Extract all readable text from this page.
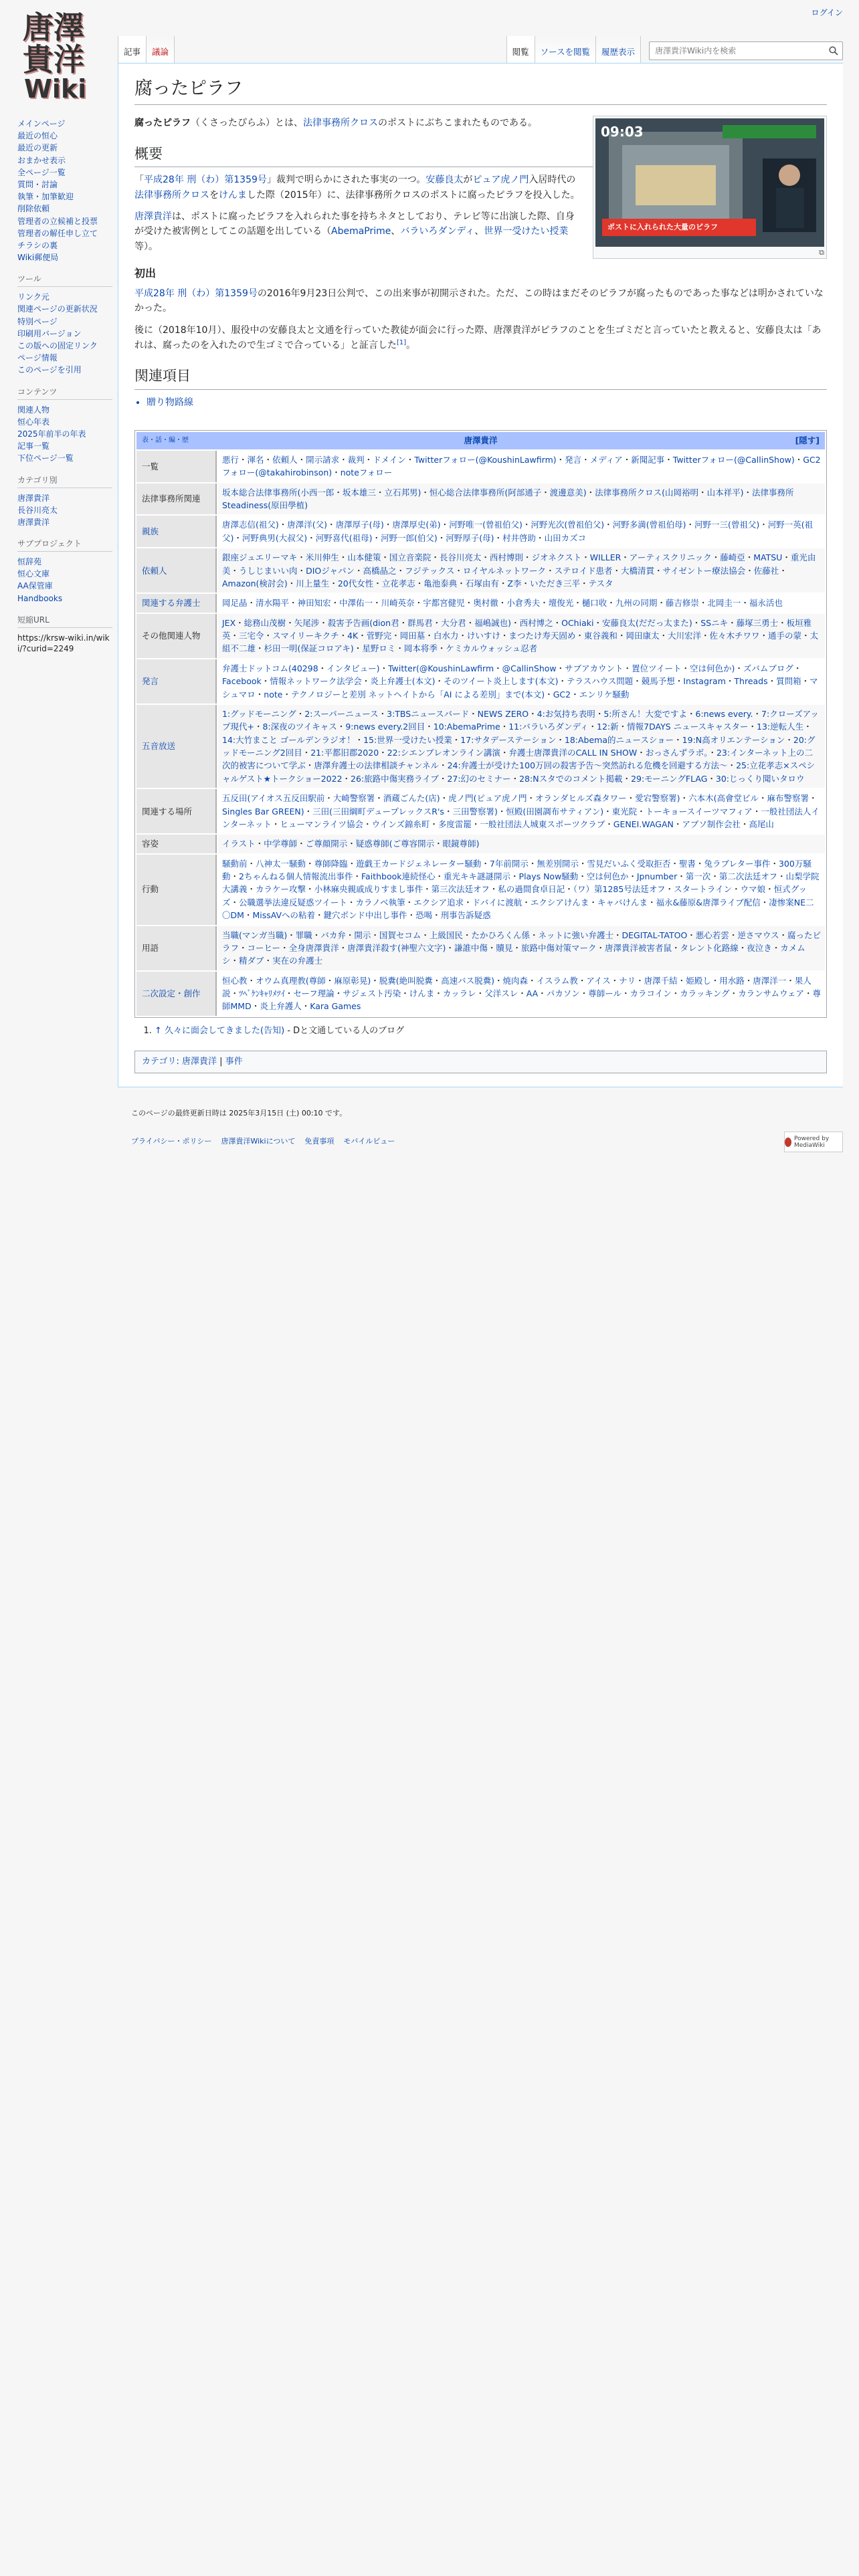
ログイン
唐澤
貴洋
Wiki
記事	議論	閲覧	ソースを閲覧	履歴表示
唐澤貴洋Wiki内を検索
メインページ
最近の恒心
最近の更新
おまかせ表示
全ページ一覧
質問・討論
執筆・加筆歓迎
削除依頼
管理者の立候補と投票
管理者の解任申し立て
チラシの裏
Wiki郵便局
ツール
リンク元
関連ページの更新状況
特別ページ
印刷用バージョン
この版への固定リンク
ページ情報
このページを引用
コンテンツ
関連人物
恒心年表
2025年前半の年表
記事一覧
下位ページ一覧
カテゴリ別
唐澤貴洋
長谷川亮太
唐澤貴洋
サブプロジェクト
恒辞苑
恒心文庫
AA保管庫
Handbooks
短縮URL
https://krsw-wiki.in/wiki/?curid=2249
腐ったピラフ
09:03
ポストに入れられた大量のピラフ
⧉

腐ったピラフ（くさったぴらふ）とは、法律事務所クロスのポストにぶちこまれたものである。

概要

「平成28年 刑（わ）第1359号」裁判で明らかにされた事実の一つ。安藤良太がピュア虎ノ門入居時代の法律事務所クロスをけんました際（2015年）に、法律事務所クロスのポストに腐ったピラフを投入した。

唐澤貴洋は、ポストに腐ったピラフを入れられた事を持ちネタとしており、テレビ等に出演した際、自身が受けた被害例としてこの話題を出している（AbemaPrime、バラいろダンディ、世界一受けたい授業等）。

初出

平成28年 刑（わ）第1359号の2016年9月23日公判で、この出来事が初開示された。ただ、この時はまだそのピラフが腐ったものであった事などは明かされていなかった。

後に（2018年10月）、服役中の安藤良太と文通を行っていた教徒が面会に行った際、唐澤貴洋がピラフのことを生ゴミだと言っていたと教えると、安藤良太は「あれは、腐ったのを入れたので生ゴミで合っている」と証言した[1]。

関連項目
• 贈り物路線
表・話・編・歴 唐澤貴洋 [隠す]	

一覧	悪行・渾名・依頼人・開示請求・裁判・ドメイン・Twitterフォロー(@KoushinLawfirm)・発言・メディア・新聞記事・Twitterフォロー(@CallinShow)・GC2フォロー(@takahirobinson)・noteフォロー
法律事務所関連	坂本総合法律事務所(小西一郎・坂本雄三・立石邦男)・恒心総合法律事務所(阿部通子・渡邊意美)・法律事務所クロス(山岡裕明・山本祥平)・法律事務所Steadiness(原田學植)
親族	唐澤志信(祖父)・唐澤洋(父)・唐澤厚子(母)・唐澤厚史(弟)・河野唯一(曾祖伯父)・河野光次(曾祖伯父)・河野多満(曾祖伯母)・河野一三(曾祖父)・河野一英(祖父)・河野典男(大叔父)・河野喜代(祖母)・河野一郎(伯父)・河野厚子(母)・村井啓助・山田カズコ
依頼人	銀座ジュエリーマキ・米川伸生・山本健策・国立音楽院・長谷川亮太・西村博則・ジオネクスト・WILLER・アーティスクリニック・藤崎亞・MATSU・重光由美・うしじまいい肉・DIOジャパン・高橋晶之・フジテックス・ロイヤルネットワーク・ステロイド患者・大橋清貫・サイゼントー療法協会・佐藤社・Amazon(検討会)・川上量生・20代女性・立花孝志・亀池泰典・石塚由有・Z李・いただき三平・テスタ
関連する弁護士	岡足晶・清水陽平・神田知宏・中澤佑一・川崎英奈・宇都宮健児・奥村徹・小倉秀夫・壇俊光・樋口收・九州の同期・藤吉修崇・北岡圭一・福永活也
その他関連人物	JEX・総務山茂樹・矢尾涉・殺害予告画(dion君・群馬君・大分君・福嶋誠也)・西村博之・OChiaki・安藤良太(だだっ太また)・SSニキ・藤塚三勇士・板垣雅英・三宅令・スマイリーキクチ・4K・菅野完・岡田墓・白水力・けいすけ・まつたけ寿天固め・東谷義和・岡田康太・大川宏洋・佐々木チワワ・通手の蒙・太組不二雄・杉田一明(保証コロアキ)・星野ロミ・岡本将季・ケミカルウォッシュ忍者
発言	弁護士ドットコム(40298・インタビュー)・Twitter(@KoushinLawfirm・@CallinShow・サブアカウント・置位ツイート・空は何色か)・ズバムブログ・Facebook・情報ネットワーク法学会・炎上弁護士(本文)・そのツイート炎上します(本文)・テラスハウス問題・競馬予想・Instagram・Threads・質問箱・マシュマロ・note・テクノロジーと差別 ネットヘイトから「AI による差別」まで(本文)・GC2・エンリケ騒動
五音放送	1:グッドモーニング・2:スーパーニュース・3:TBSニュースバード・NEWS ZERO・4:お気持ち表明・5:所さん！大変ですよ・6:news every.・7:クローズアップ現代+・8:深夜のツイキャス・9:news every.2回目・10:AbemaPrime・11:バラいろダンディ・12:新・情報7DAYS ニュースキャスター・13:逆転人生・14:大竹まこと ゴールデンラジオ！・15:世界一受けたい授業・17:サタデーステーション・18:Abema的ニュースショー・19:N高オリエンテーション・20:グッドモーニング2回目・21:平都旧郡2020・22:シエンブレオンライン講演・弁護士唐澤貴洋のCALL IN SHOW・おっさんずラボ。・23:インターネット上の二次的被害について学ぶ・唐澤弁護士の法律相談チャンネル・24:弁護士が受けた100万回の殺害予告〜突然訪れる危機を回避する方法〜・25:立花孝志×スペシャルゲスト★トークショー2022・26:旅路中傷実務ライブ・27:幻のセミナー・28:Nスタでのコメント掲載・29:モーニングFLAG・30:じっくり聞いタロウ
関連する場所	五反田(アイオス五反田駅前・大崎警察署・酒蔵ごんた(店)・虎ノ門(ピュア虎ノ門・オランダヒルズ森タワー・愛宕警察署)・六本木(高會堂ビル・麻布警察署・Singles Bar GREEN)・三田(三田綱町デュープレックスR's・三田警察署)・恒殿(田園調布サティアン)・東光院・トーキョースイーツマフィア・一般社団法人インターネット・ヒューマンライツ協会・ウインズ錦糸町・多度雷罷・一般社団法人城東スポーツクラブ・GENEI.WAGAN・アブソ制作会社・高尾山
容姿	イラスト・中学尊師・ご尊顔開示・疑惑尊師(ご尊容開示・眼鏡尊師)
行動	騒動前・八神太一騒動・尊師降臨・遊戯王カードジェネレーター騒動・7年前開示・無差別開示・雪見だいふく受取拒否・聖書・兔ラブレター事件・300万騒動・2ちゃんねる個人情報流出事件・Faithbook連続怪心・重光キキ謎謎開示・Plays Now騒動・空は何色か・Jpnumber・第一次・第二次法廷オフ・山梨学院大講義・カラケー攻撃・小林麻央親戚成りすまし事件・第三次法廷オフ・私の過間食卓日記・（ワ）第1285号法廷オフ・スタートライン・ウマ娘・恒式グッズ・公職選挙法違反疑惑ツイート・カラノベ執筆・エクシア追求・ドバイに渡航・エクシアけんま・キャバけんま・福永&藤原&唐澤ライブ配信・凄惨案NE二〇DM・MissAVへの粘着・鍵穴ボンド中出し事件・恐喝・刑事告訴疑惑
用語	当職(マンガ当職)・罪職・バカ弁・開示・国賀セコム・上級国民・たかひろくん係・ネットに強い弁護士・DEGITAL-TATOO・悪心若雲・逆さマウス・腐ったピラフ・コーヒー・全身唐澤貴洋・唐澤貴洋殺す(神聖六文字)・謙誰中傷・贖見・旅路中傷対策マーク・唐澤貴洋被害者鼠・タレント化路線・夜泣き・カメムシ・精ダブ・実在の弁護士
二次設定・創作	恒心教・オウム真理教(尊師・麻原彰晃)・脱糞(絶叫脱糞・高速バス脱糞)・焼肉森・イスラム教・アイス・ナリ・唐澤千結・姫殿し・用水路・唐澤洋一・果人説・ﾂﾍﾞｹﾝｷｬﾘﾒﾂｲ・セーフ理論・サジェスト汚染・けんま・カッラレ・父洋スレ・AA・パカソン・尊師ール・カラコイン・カラッキング・カランサムウェア・尊師MMD・炎上弁護人・Kara Games
1. ↑ 久々に面会してきました(告知) - Dと文通している人のブログ
カテゴリ: 唐澤貴洋 | 事件
このページの最終更新日時は 2025年3月15日 (土) 00:10 です。
プライバシー・ポリシー 唐澤貴洋Wikiについて 免責事項 モバイルビュー	Powered by MediaWiki
